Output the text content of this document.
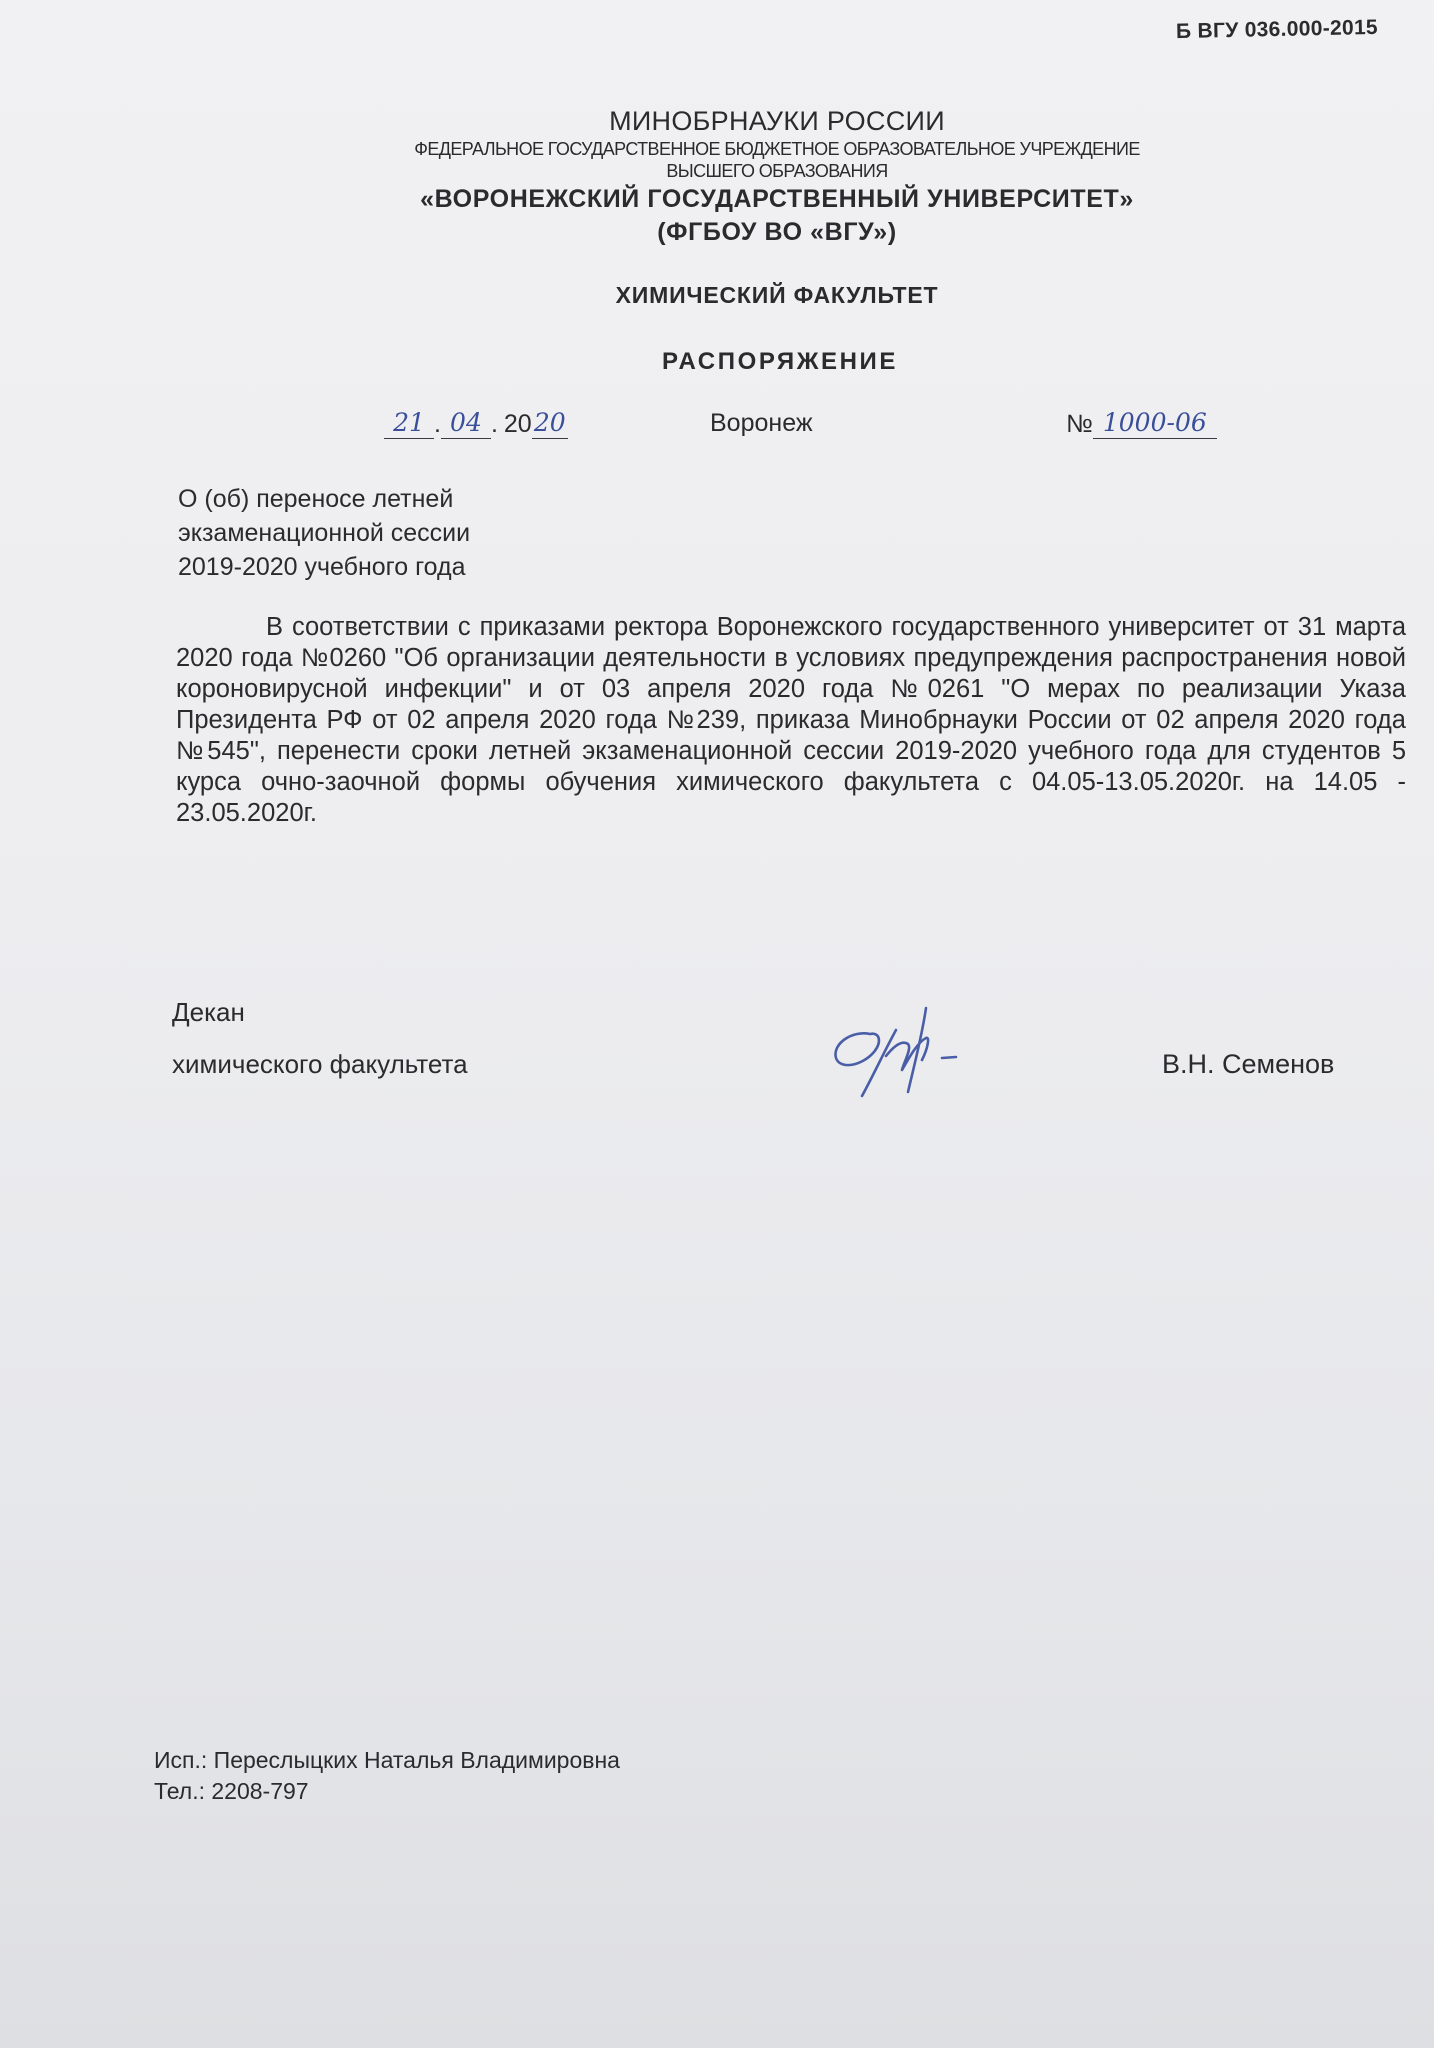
Б ВГУ 036.000-2015
МИНОБРНАУКИ РОССИИ
ФЕДЕРАЛЬНОЕ ГОСУДАРСТВЕННОЕ БЮДЖЕТНОЕ ОБРАЗОВАТЕЛЬНОЕ УЧРЕЖДЕНИЕ
ВЫСШЕГО ОБРАЗОВАНИЯ
«ВОРОНЕЖСКИЙ ГОСУДАРСТВЕННЫЙ УНИВЕРСИТЕТ»
(ФГБОУ ВО «ВГУ»)
ХИМИЧЕСКИЙ ФАКУЛЬТЕТ
РАСПОРЯЖЕНИЕ
21 . 04 . 20 20	Воронеж	№ 1000-06
О (об) переносе летней
экзаменационной сессии
2019-2020 учебного года
В соответствии с приказами ректора Воронежского государственного университет от 31 марта 2020 года №0260 "Об организации деятельности в условиях предупреждения распространения новой короновирусной инфекции" и от 03 апреля 2020 года №0261 "О мерах по реализации Указа Президента РФ от 02 апреля 2020 года №239, приказа Минобрнауки России от 02 апреля 2020 года №545", перенести сроки летней экзаменационной сессии 2019-2020 учебного года для студентов 5 курса очно-заочной формы обучения химического факультета с 04.05-13.05.2020г. на 14.05 - 23.05.2020г.
Декан
химического факультета	В.Н. Семенов
Исп.: Переслыцких Наталья Владимировна
Тел.: 2208-797
